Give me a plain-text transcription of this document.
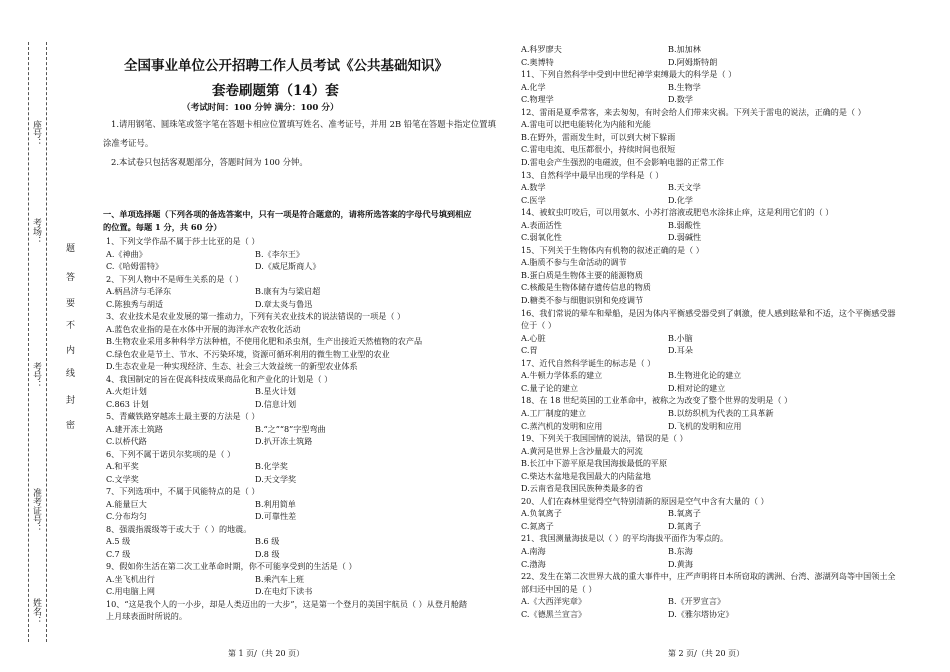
座号：
考场：
考号：
准考证号：
姓名：
题
答
要
不
内
线
封
密
全国事业单位公开招聘工作人员考试《公共基础知识》
套卷刷题第（14）套
（考试时间：100 分钟 满分：100 分）
1.请用钢笔、圆珠笔或签字笔在答题卡相应位置填写姓名、准考证号，并用 2B 铅笔在答题卡指定位置填
涂准考证号。
2.本试卷只包括客观题部分，答题时间为 100 分钟。
一、单项选择题（下列各项的备选答案中，只有一项是符合题意的，请将所选答案的字母代号填到相应
的位置。每题 1 分，共 60 分）
1、下列文学作品不属于莎士比亚的是（ ）
A.《神曲》	B.《李尔王》
C.《哈姆雷特》	D.《威尼斯商人》
2、下列人物中不是师生关系的是（ ）
A.柄昌济与毛泽东	B.康有为与梁启超
C.陈独秀与胡适	D.章太炎与鲁迅
3、农业技术是农业发展的第一推动力，下列有关农业技术的说法错误的一项是（ ）
A.蓝色农业指的是在水体中开展的海洋水产农牧化活动
B.生物农业采用多种科学方法种植，不使用化肥和杀虫剂，生产出接近天然植物的农产品
C.绿色农业是节土、节水、不污染环境，资源可循环利用的微生物工业型的农业
D.生态农业是一种实现经济、生态、社会三大效益统一的新型农业体系
4、我国制定的旨在促高科技成果商品化和产业化的计划是（ ）
A.火炬计划	B.星火计划
C.863 计划	D.信息计划
5、青藏铁路穿越冻土最主要的方法是（ ）
A.建开冻土筑路	B.“之”“8”字型弯曲
C.以桥代路	D.扒开冻土筑路
6、下列不属于诺贝尔奖项的是（ ）
A.和平奖	B.化学奖
C.文学奖	D.天文学奖
7、下列选项中，不属于风能特点的是（ ）
A.能量巨大	B.利用简单
C.分布均匀	D.可靠性差
8、强震指震级等于或大于（ ）的地震。
A.5 级	B.6 级
C.7 级	D.8 级
9、假如你生活在第二次工业革命时期，你不可能享受到的生活是（ ）
A.坐飞机出行	B.乘汽车上班
C.用电脑上网	D.在电灯下读书
10、“这是我个人的一小步，却是人类迈出的一大步”，这是第一个登月的美国宇航员（ ）从登月舱踏
上月球表面时所说的。
第 1 页/（共 20 页）
A.科罗廖夫	B.加加林
C.奥博特	D.阿姆斯特朗
11、下列自然科学中受到中世纪神学束缚最大的科学是（ ）
A.化学	B.生物学
C.物理学	D.数学
12、雷雨是夏季常客，来去匆匆，有时会给人们带来灾祸。下列关于雷电的说法，正确的是（ ）
A.雷电可以把电能转化为内能和光能
B.在野外，雷雨发生时，可以到大树下躲雨
C.雷电电流、电压都很小，持续时间也很短
D.雷电会产生强烈的电磁波，但不会影响电器的正常工作
13、自然科学中最早出现的学科是（ ）
A.数学	B.天文学
C.医学	D.化学
14、被蚊虫叮咬后，可以用氨水、小苏打溶液或肥皂水涂抹止痒，这是利用它们的（ ）
A.表面活性	B.弱酸性
C.弱氧化性	D.弱碱性
15、下列关于生物体内有机物的叙述正确的是（ ）
A.脂质不参与生命活动的调节
B.蛋白质是生物体主要的能源物质
C.核酸是生物体储存遗传信息的物质
D.糖类不参与细胞识别和免疫调节
16、我们常说的晕车和晕船，是因为体内平衡感受器受到了刺激，使人感到眩晕和不适，这个平衡感受器
位于（ ）
A.心脏	B.小脑
C.胃	D.耳朵
17、近代自然科学诞生的标志是（ ）
A.牛顿力学体系的建立	B.生物进化论的建立
C.量子论的建立	D.相对论的建立
18、在 18 世纪英国的工业革命中，被称之为改变了整个世界的发明是（ ）
A.工厂制度的建立	B.以纺织机为代表的工具革新
C.蒸汽机的发明和应用	D.飞机的发明和应用
19、下列关于我国国情的说法，错误的是（ ）
A.黄河是世界上含沙量最大的河流
B.长江中下游平原是我国海拔最低的平原
C.柴达木盆地是我国最大的内陆盆地
D.云南省是我国民族种类最多的省
20、人们在森林里觉得空气特别清新的原因是空气中含有大量的（ ）
A.负氧离子	B.氧离子
C.氮离子	D.氮离子
21、我国测量海拔是以（ ）的平均海拔平面作为零点的。
A.南海	B.东海
C.渤海	D.黄海
22、发生在第二次世界大战的重大事件中，庄严声明将日本所窃取的满洲、台湾、澎湖列岛等中国领土全
部归还中国的是（ ）
A.《大西洋宪章》	B.《开罗宣言》
C.《德黑兰宣言》	D.《雅尔塔协定》
第 2 页/（共 20 页）
